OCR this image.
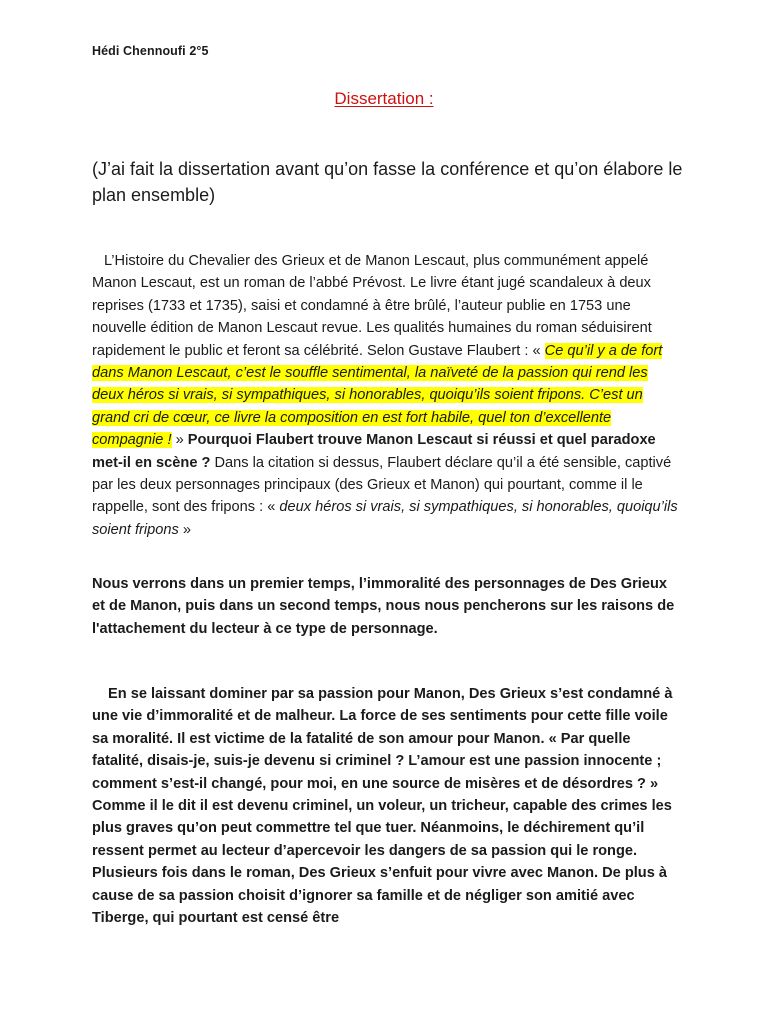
Hédi Chennoufi 2°5
Dissertation :
(J’ai fait la dissertation avant qu’on fasse la conférence et qu’on élabore le plan ensemble)

L’Histoire du Chevalier des Grieux et de Manon Lescaut, plus communément appelé Manon Lescaut, est un roman de l’abbé Prévost. Le livre étant jugé scandaleux à deux reprises (1733 et 1735), saisi et condamné à être brûlé, l’auteur publie en 1753 une nouvelle édition de Manon Lescaut revue. Les qualités humaines du roman séduisirent rapidement le public et feront sa célébrité. Selon Gustave Flaubert : « Ce qu’il y a de fort dans Manon Lescaut, c’est le souffle sentimental, la naïveté de la passion qui rend les deux héros si vrais, si sympathiques, si honorables, quoiqu’ils soient fripons. C’est un grand cri de cœur, ce livre la composition en est fort habile, quel ton d’excellente compagnie ! » Pourquoi Flaubert trouve Manon Lescaut si réussi et quel paradoxe met-il en scène ? Dans la citation si dessus, Flaubert déclare qu’il a été sensible, captivé par les deux personnages principaux (des Grieux et Manon) qui pourtant, comme il le rappelle, sont des fripons : « deux héros si vrais, si sympathiques, si honorables, quoiqu’ils soient fripons »

Nous verrons dans un premier temps, l’immoralité des personnages de Des Grieux et de Manon, puis dans un second temps, nous nous pencherons sur les raisons de l'attachement du lecteur à ce type de personnage.

En se laissant dominer par sa passion pour Manon, Des Grieux s’est condamné à une vie d’immoralité et de malheur. La force de ses sentiments pour cette fille voile sa moralité. Il est victime de la fatalité de son amour pour Manon. « Par quelle fatalité, disais-je, suis-je devenu si criminel ? L’amour est une passion innocente ; comment s’est-il changé, pour moi, en une source de misères et de désordres ? » Comme il le dit il est devenu criminel, un voleur, un tricheur, capable des crimes les plus graves qu’on peut commettre tel que tuer. Néanmoins, le déchirement qu’il ressent permet au lecteur d’apercevoir les dangers de sa passion qui le ronge. Plusieurs fois dans le roman, Des Grieux s’enfuit pour vivre avec Manon. De plus à cause de sa passion choisit d’ignorer sa famille et de négliger son amitié avec Tiberge, qui pourtant est censé être
